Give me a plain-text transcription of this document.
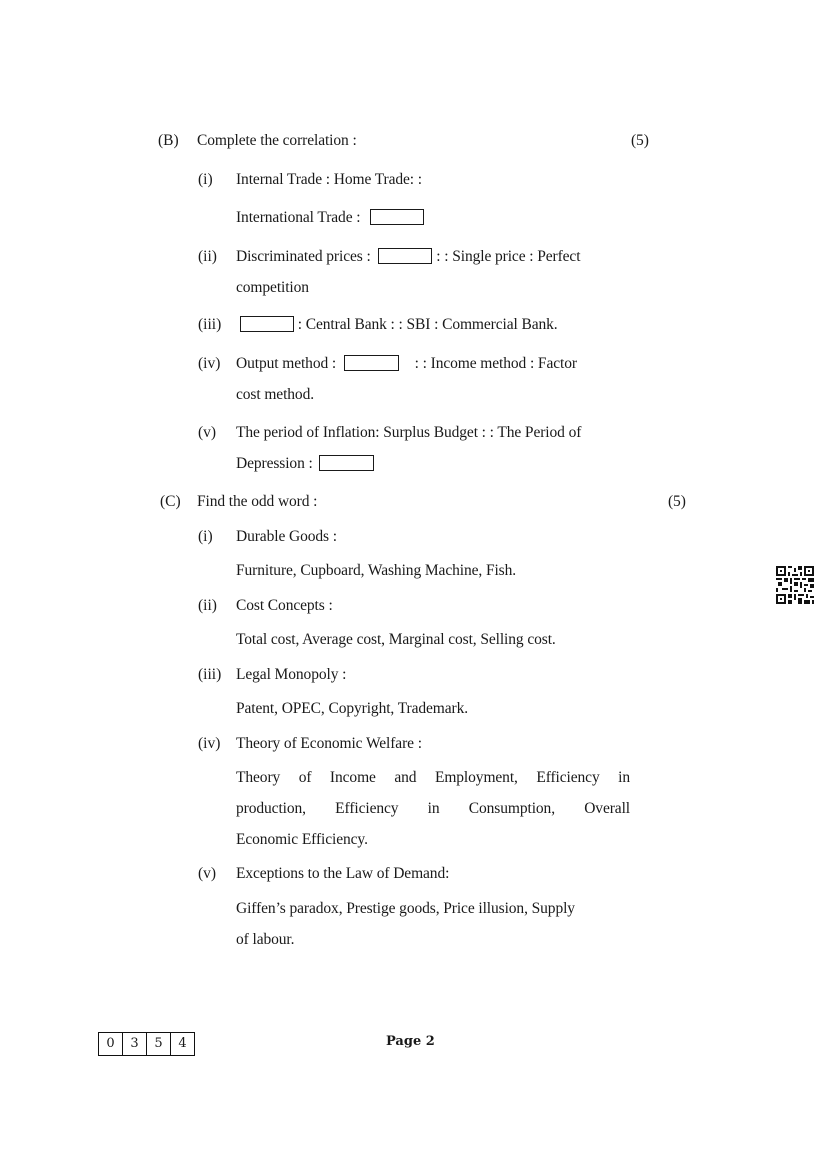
(B) Complete the correlation :	(5)
(i) Internal Trade : Home Trade: :
International Trade :
(ii) Discriminated prices :	: : Single price : Perfect
competition
(iii)	: Central Bank : : SBI : Commercial Bank.
(iv) Output method :	: : Income method : Factor
cost method.
(v) The period of Inflation: Surplus Budget : : The Period of
Depression :
(C) Find the odd word :	(5)
(i) Durable Goods :
Furniture, Cupboard, Washing Machine, Fish.
(ii) Cost Concepts :
Total cost, Average cost, Marginal cost, Selling cost.
(iii) Legal Monopoly :
Patent, OPEC, Copyright, Trademark.
(iv) Theory of Economic Welfare :
Theory of Income and Employment, Efficiency in
production, Efficiency in Consumption, Overall
Economic Efficiency.
(v) Exceptions to the Law of Demand:
Giffen’s paradox, Prestige goods, Price illusion, Supply
of labour.
0	3	5	4	Page 2
